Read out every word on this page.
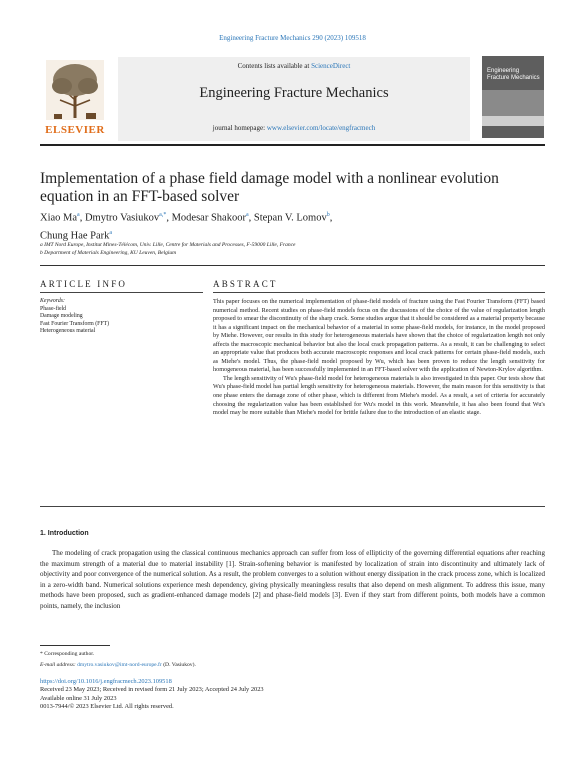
Engineering Fracture Mechanics 290 (2023) 109518
Contents lists available at ScienceDirect
Engineering Fracture Mechanics
journal homepage: www.elsevier.com/locate/engfracmech
ELSEVIER
Engineering Fracture Mechanics
Implementation of a phase field damage model with a nonlinear evolution equation in an FFT-based solver
Xiao Ma$^a$, Dmytro Vasiukov$^{a,*}$, Modesar Shakoor$^a$, Stepan V. Lomov$^b$,
Chung Hae Park$^a$
a IMT Nord Europe, Institut Mines-Télécom, Univ. Lille, Centre for Materials and Processes, F-59000 Lille, France
b Department of Materials Engineering, KU Leuven, Belgium
ARTICLE INFO	ABSTRACT
Keywords:
Phase-field
Damage modeling
Fast Fourier Transform (FFT)
Heterogeneous material

This paper focuses on the numerical implementation of phase-field models of fracture using the Fast Fourier Transform (FFT) based numerical method. Recent studies on phase-field models focus on the discussions of the choice of the value of regularization length proposed to smear the discontinuity of the sharp crack. Some studies argue that it should be considered as a material property because it has a significant impact on the mechanical behavior of a material in some phase-field models, for instance, in the model proposed by Miehe. However, our results in this study for heterogeneous materials have shown that the choice of regularization length not only affects the macroscopic mechanical behavior but also the local crack propagation patterns. As a result, it can be challenging to select an appropriate value that produces both accurate macroscopic responses and local crack patterns for certain phase-field models, such as Miehe's model. Thus, the phase-field model proposed by Wu, which has been proven to reduce the length sensitivity for homogeneous material, has been successfully implemented in an FFT-based solver with the application of Newton-Krylov algorithm.

The length sensitivity of Wu's phase-field model for heterogeneous materials is also investigated in this paper. Our tests show that Wu's phase-field model has partial length sensitivity for heterogeneous materials. However, the main reason for this sensitivity is that one phase enters the damage zone of other phase, which is different from Miehe's model. As a result, a set of criteria for accurately choosing the regularization value has been established for Wu's model in this work. Meanwhile, it has also been found that Wu's model may be more suitable than Miehe's model for brittle failure due to the introduction of an elastic stage.

1. Introduction

The modeling of crack propagation using the classical continuous mechanics approach can suffer from loss of ellipticity of the governing differential equations after reaching the maximum strength of a material due to material instability [1]. Strain-softening behavior is manifested by localization of strain into discontinuity and ultimately lack of objectivity and poor convergence of the numerical solution. As a result, the problem converges to a solution without energy dissipation in the crack process zone, which is localized in a zero-width band. Numerical solutions experience mesh dependency, giving physically meaningless results that also depend on mesh alignment. To address this issue, many methods have been proposed, such as gradient-enhanced damage models [2] and phase-field models [3]. Even if they start from different points, both models have a common points, namely, the inclusion

* Corresponding author.
E-mail address: dmytro.vasiukov@imt-nord-europe.fr (D. Vasiukov).
https://doi.org/10.1016/j.engfracmech.2023.109518
Received 23 May 2023; Received in revised form 21 July 2023; Accepted 24 July 2023
Available online 31 July 2023
0013-7944/© 2023 Elsevier Ltd. All rights reserved.
